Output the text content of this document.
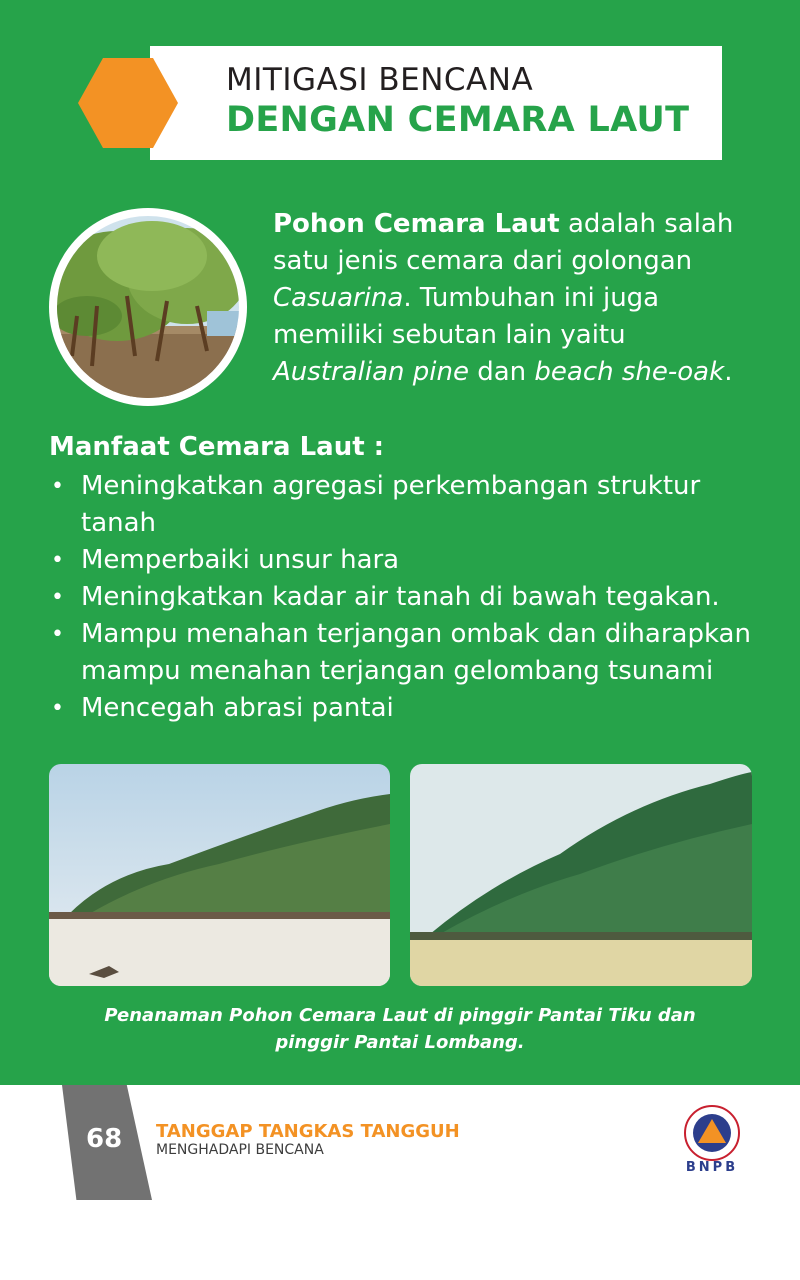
MITIGASI BENCANA
DENGAN CEMARA LAUT
Pohon Cemara Laut adalah salah satu jenis cemara dari golongan Casuarina. Tumbuhan ini juga memiliki sebutan lain yaitu Australian pine dan beach she-oak.
Manfaat Cemara Laut :
• Meningkatkan agregasi perkembangan struktur tanah
• Memperbaiki unsur hara
• Meningkatkan kadar air tanah di bawah tegakan.
• Mampu menahan terjangan ombak dan diharapkan mampu menahan terjangan gelombang tsunami
• Mencegah abrasi pantai
Penanaman Pohon Cemara Laut di pinggir Pantai Tiku dan
pinggir Pantai Lombang.
68 TANGGAP TANGKAS TANGGUH
MENGHADAPI BENCANA
BNPB
